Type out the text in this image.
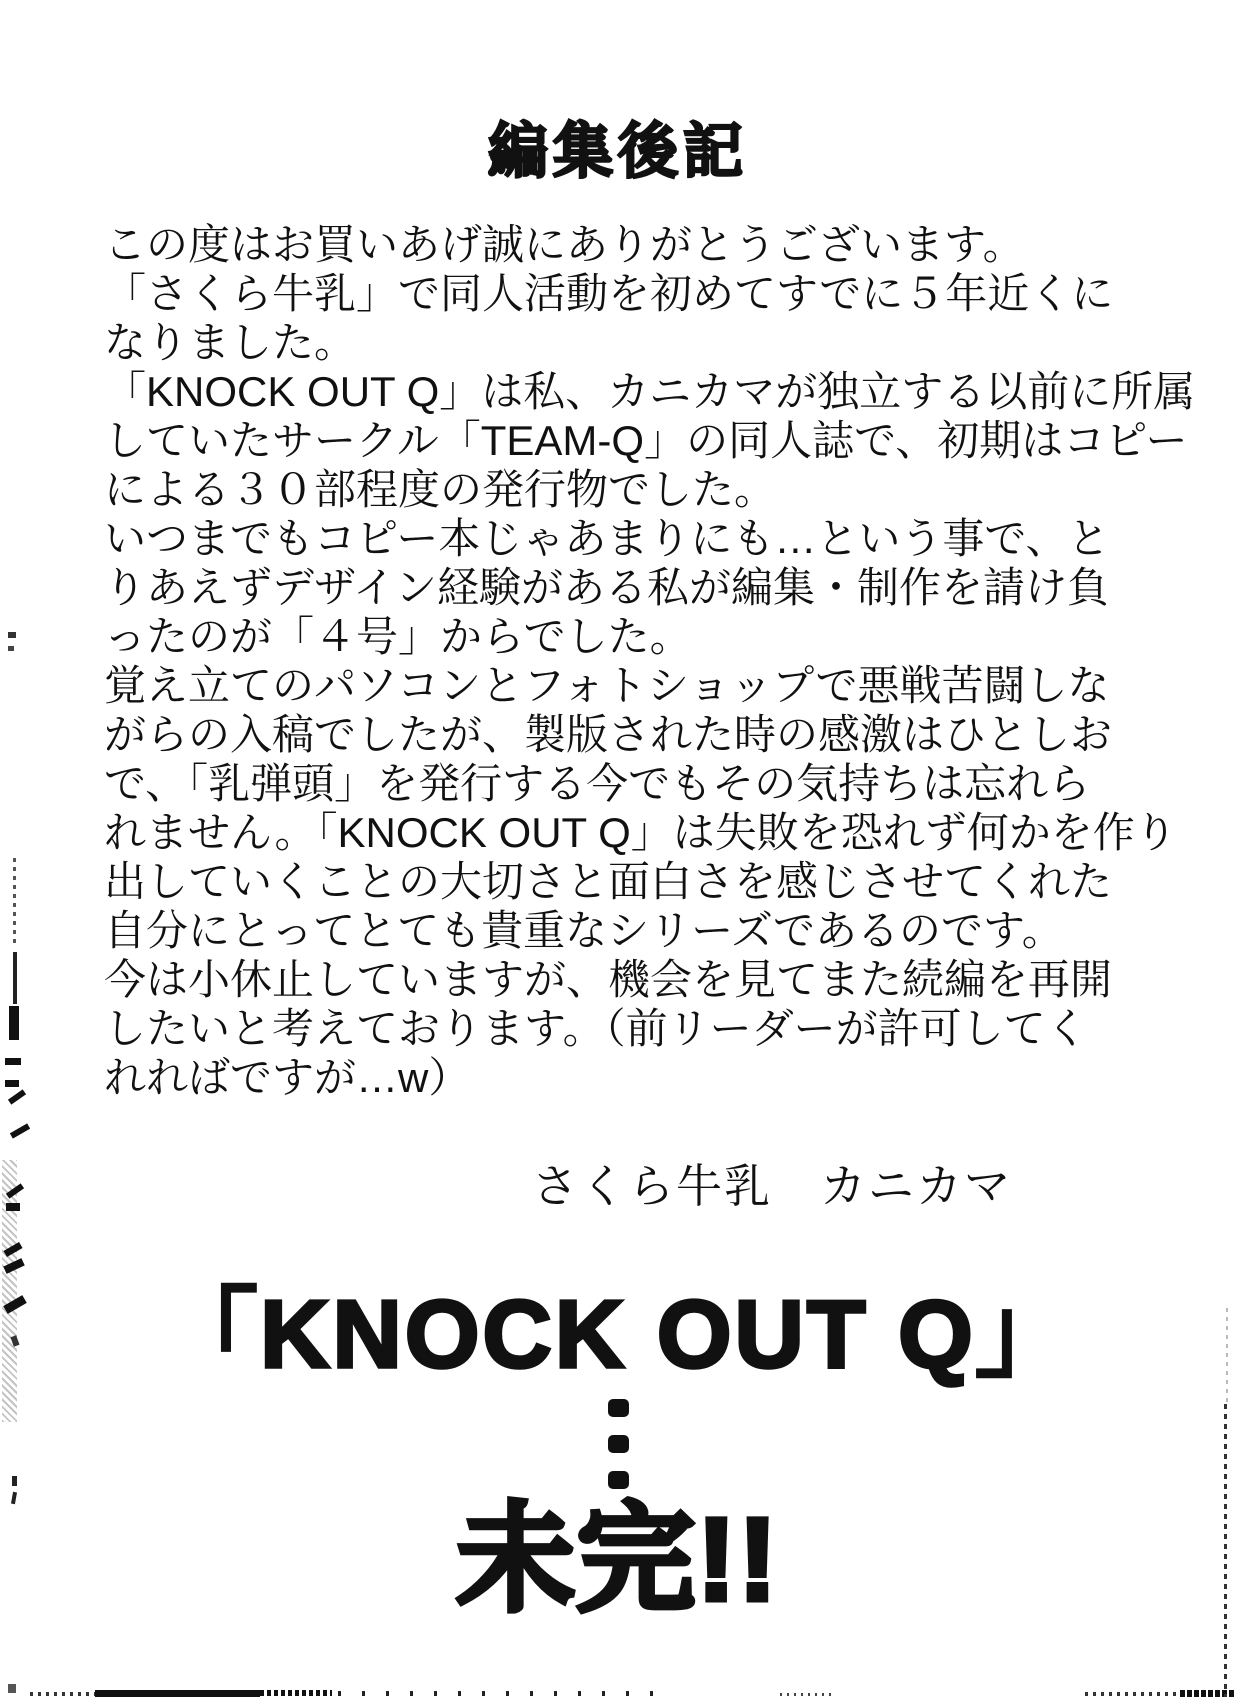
編集後記
この度はお買いあげ誠にありがとうございます。
「さくら牛乳」で同人活動を初めてすでに５年近くに
なりました。
「KNOCK OUT Q」は私、カニカマが独立する以前に所属
していたサークル「TEAM-Q」の同人誌で、初期はコピー
による３０部程度の発行物でした。
いつまでもコピー本じゃあまりにも…という事で、と
りあえずデザイン経験がある私が編集・制作を請け負
ったのが「４号」からでした。
覚え立てのパソコンとフォトショップで悪戦苦闘しな
がらの入稿でしたが、製版された時の感激はひとしお
で、「乳弾頭」を発行する今でもその気持ちは忘れら
れません。「KNOCK OUT Q」は失敗を恐れず何かを作り
出していくことの大切さと面白さを感じさせてくれた
自分にとってとても貴重なシリーズであるのです。
今は小休止していますが、機会を見てまた続編を再開
したいと考えております。（前リーダーが許可してく
れればですが…w）
さくら牛乳　カニカマ
「KNOCK OUT Q」
未完!!
